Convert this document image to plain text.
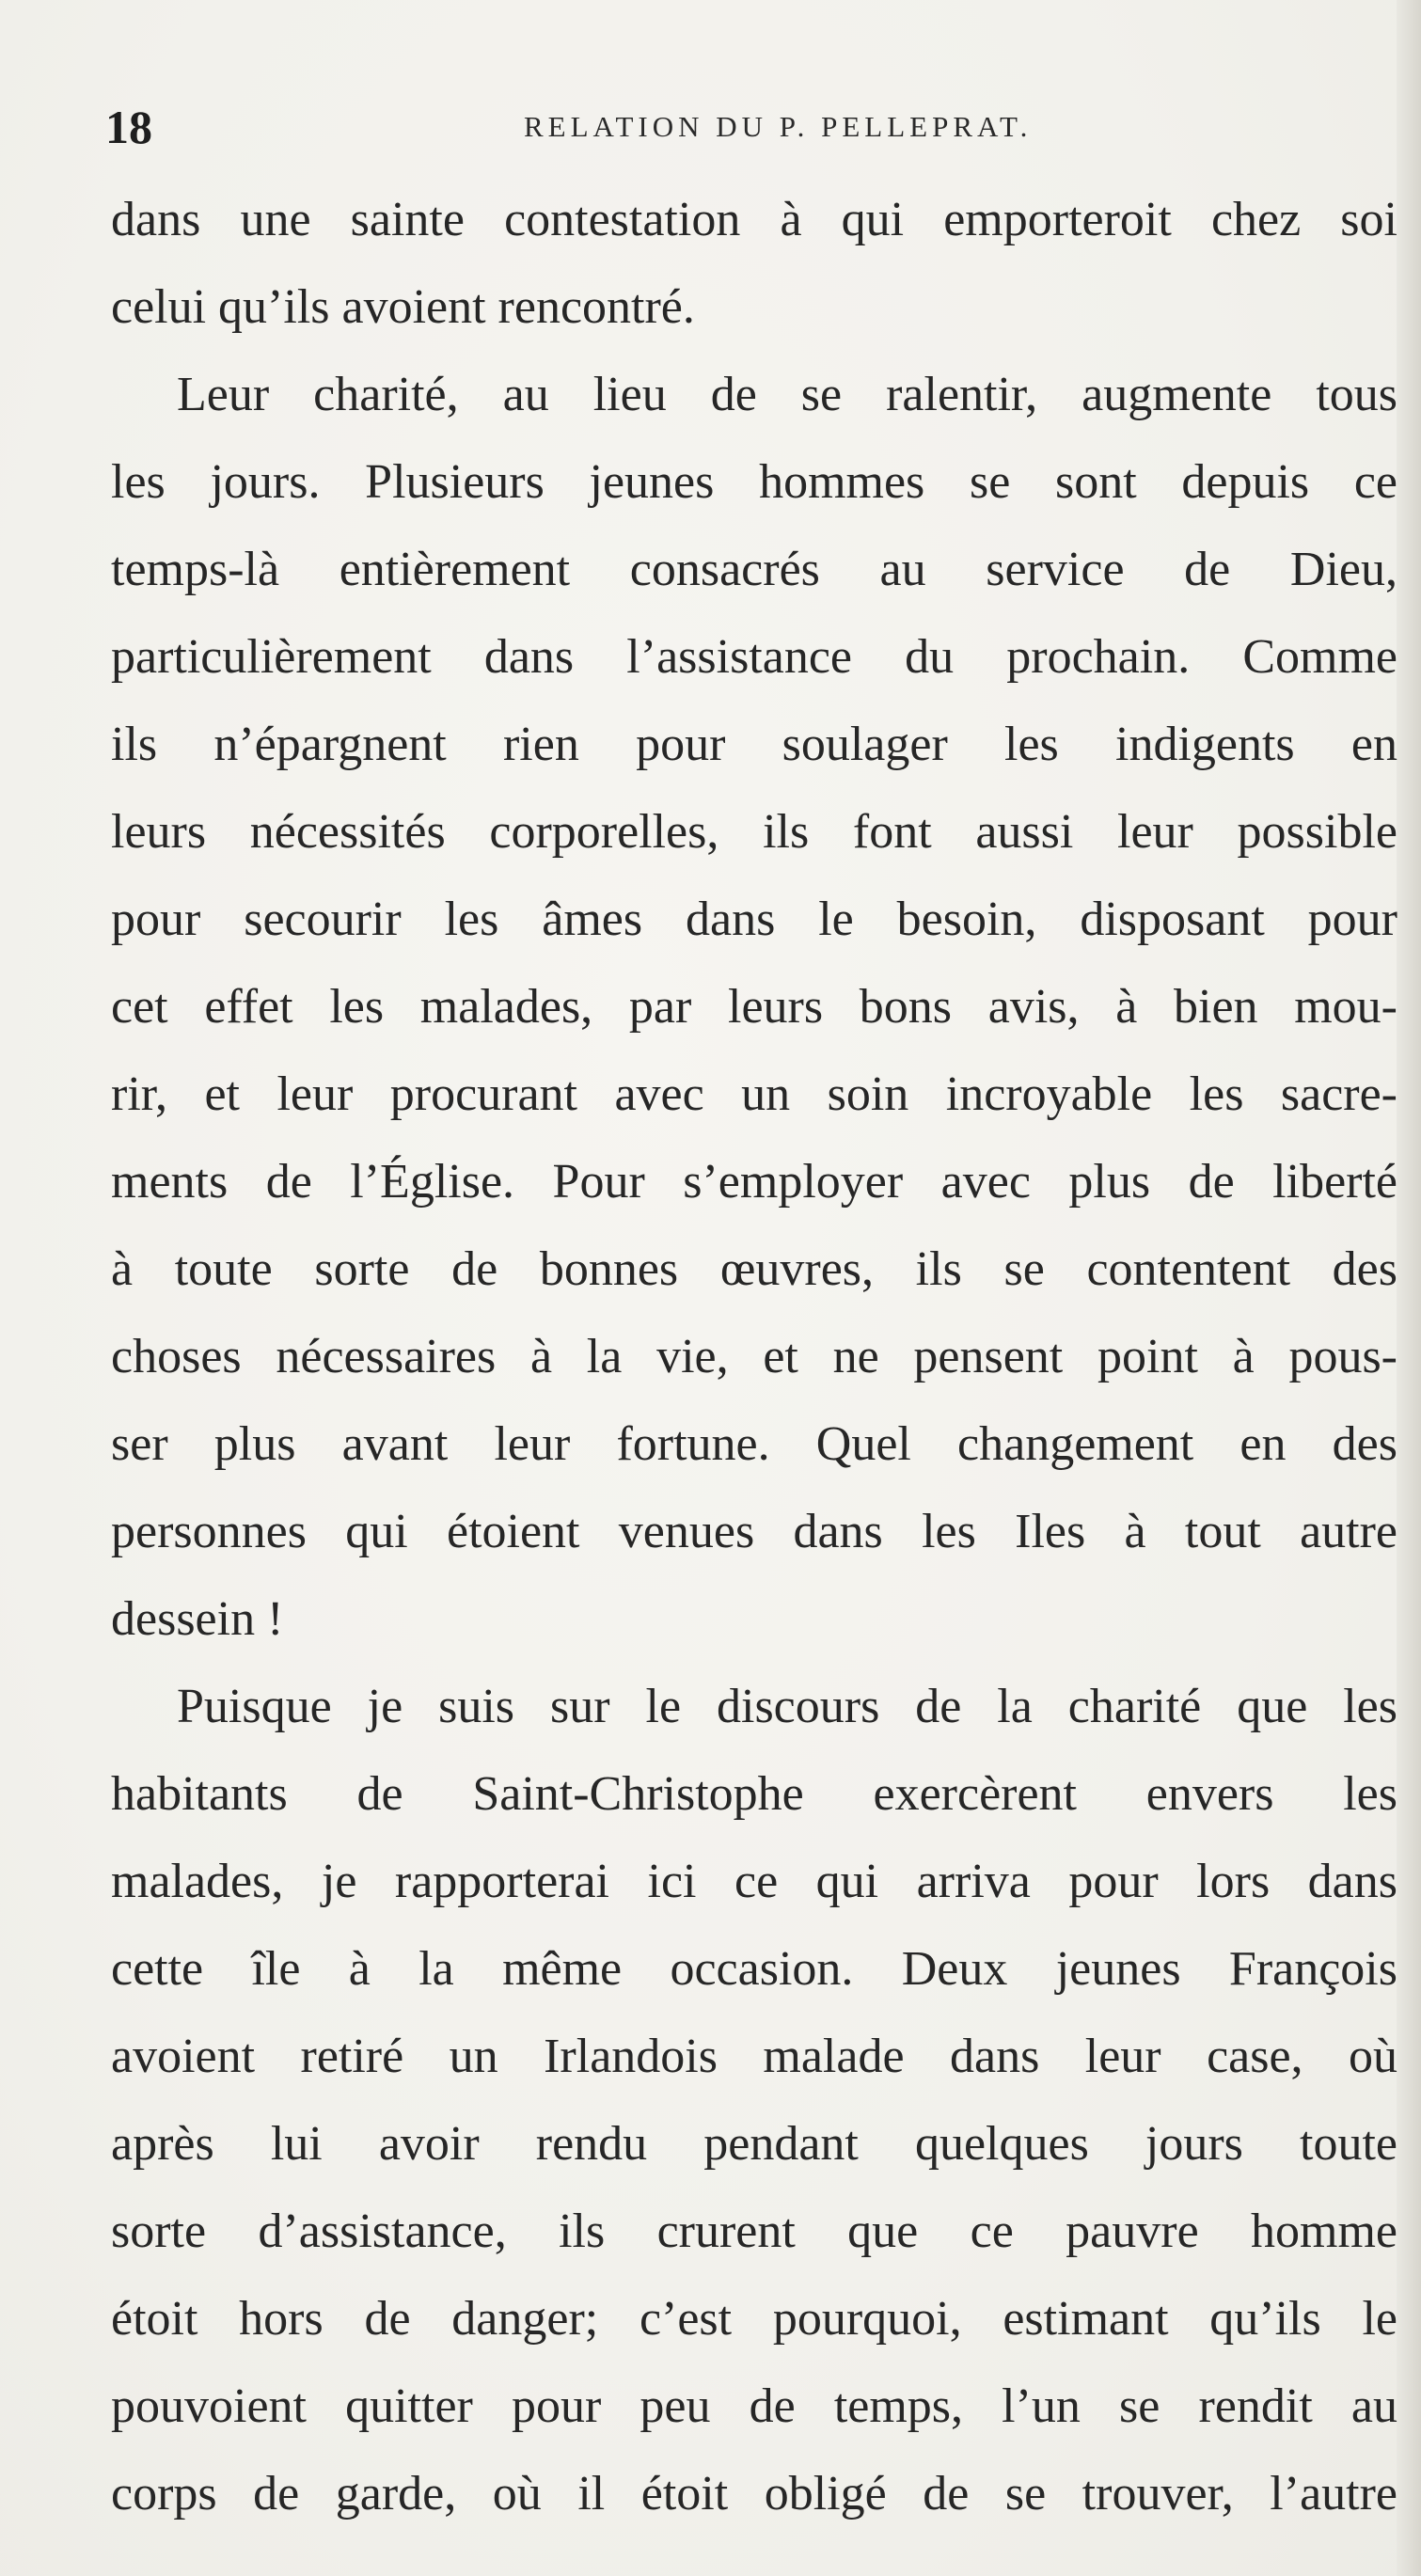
18	RELATION DU P. PELLEPRAT.
dans une sainte contestation à qui emporteroit chez soi
celui qu’ils avoient rencontré.
Leur charité, au lieu de se ralentir, augmente tous
les jours. Plusieurs jeunes hommes se sont depuis ce
temps-là entièrement consacrés au service de Dieu,
particulièrement dans l’assistance du prochain. Comme
ils n’épargnent rien pour soulager les indigents en
leurs nécessités corporelles, ils font aussi leur possible
pour secourir les âmes dans le besoin, disposant pour
cet effet les malades, par leurs bons avis, à bien mou-
rir, et leur procurant avec un soin incroyable les sacre-
ments de l’Église. Pour s’employer avec plus de liberté
à toute sorte de bonnes œuvres, ils se contentent des
choses nécessaires à la vie, et ne pensent point à pous-
ser plus avant leur fortune. Quel changement en des
personnes qui étoient venues dans les Iles à tout autre
dessein !
Puisque je suis sur le discours de la charité que les
habitants de Saint-Christophe exercèrent envers les
malades, je rapporterai ici ce qui arriva pour lors dans
cette île à la même occasion. Deux jeunes François
avoient retiré un Irlandois malade dans leur case, où
après lui avoir rendu pendant quelques jours toute
sorte d’assistance, ils crurent que ce pauvre homme
étoit hors de danger; c’est pourquoi, estimant qu’ils le
pouvoient quitter pour peu de temps, l’un se rendit au
corps de garde, où il étoit obligé de se trouver, l’autre
